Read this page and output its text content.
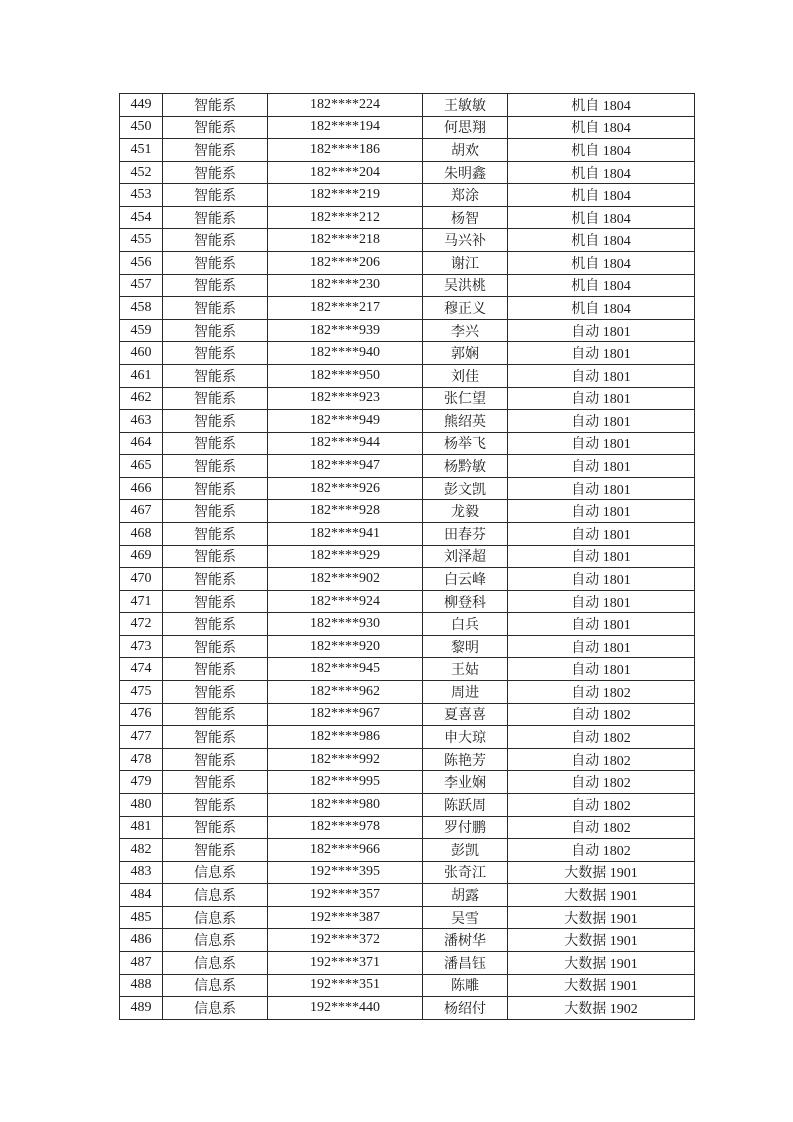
449	智能系	182****224	王敏敏	机自 1804
450	智能系	182****194	何思翔	机自 1804
451	智能系	182****186	胡欢	机自 1804
452	智能系	182****204	朱明鑫	机自 1804
453	智能系	182****219	郑涂	机自 1804
454	智能系	182****212	杨智	机自 1804
455	智能系	182****218	马兴补	机自 1804
456	智能系	182****206	谢江	机自 1804
457	智能系	182****230	吴洪桃	机自 1804
458	智能系	182****217	穆正义	机自 1804
459	智能系	182****939	李兴	自动 1801
460	智能系	182****940	郭娴	自动 1801
461	智能系	182****950	刘佳	自动 1801
462	智能系	182****923	张仁望	自动 1801
463	智能系	182****949	熊绍英	自动 1801
464	智能系	182****944	杨举飞	自动 1801
465	智能系	182****947	杨黔敏	自动 1801
466	智能系	182****926	彭文凯	自动 1801
467	智能系	182****928	龙毅	自动 1801
468	智能系	182****941	田春芬	自动 1801
469	智能系	182****929	刘泽超	自动 1801
470	智能系	182****902	白云峰	自动 1801
471	智能系	182****924	柳登科	自动 1801
472	智能系	182****930	白兵	自动 1801
473	智能系	182****920	黎明	自动 1801
474	智能系	182****945	王姑	自动 1801
475	智能系	182****962	周进	自动 1802
476	智能系	182****967	夏喜喜	自动 1802
477	智能系	182****986	申大琼	自动 1802
478	智能系	182****992	陈艳芳	自动 1802
479	智能系	182****995	李业娴	自动 1802
480	智能系	182****980	陈跃周	自动 1802
481	智能系	182****978	罗付鹏	自动 1802
482	智能系	182****966	彭凯	自动 1802
483	信息系	192****395	张奇江	大数据 1901
484	信息系	192****357	胡露	大数据 1901
485	信息系	192****387	吴雪	大数据 1901
486	信息系	192****372	潘树华	大数据 1901
487	信息系	192****371	潘昌钰	大数据 1901
488	信息系	192****351	陈雕	大数据 1901
489	信息系	192****440	杨绍付	大数据 1902
